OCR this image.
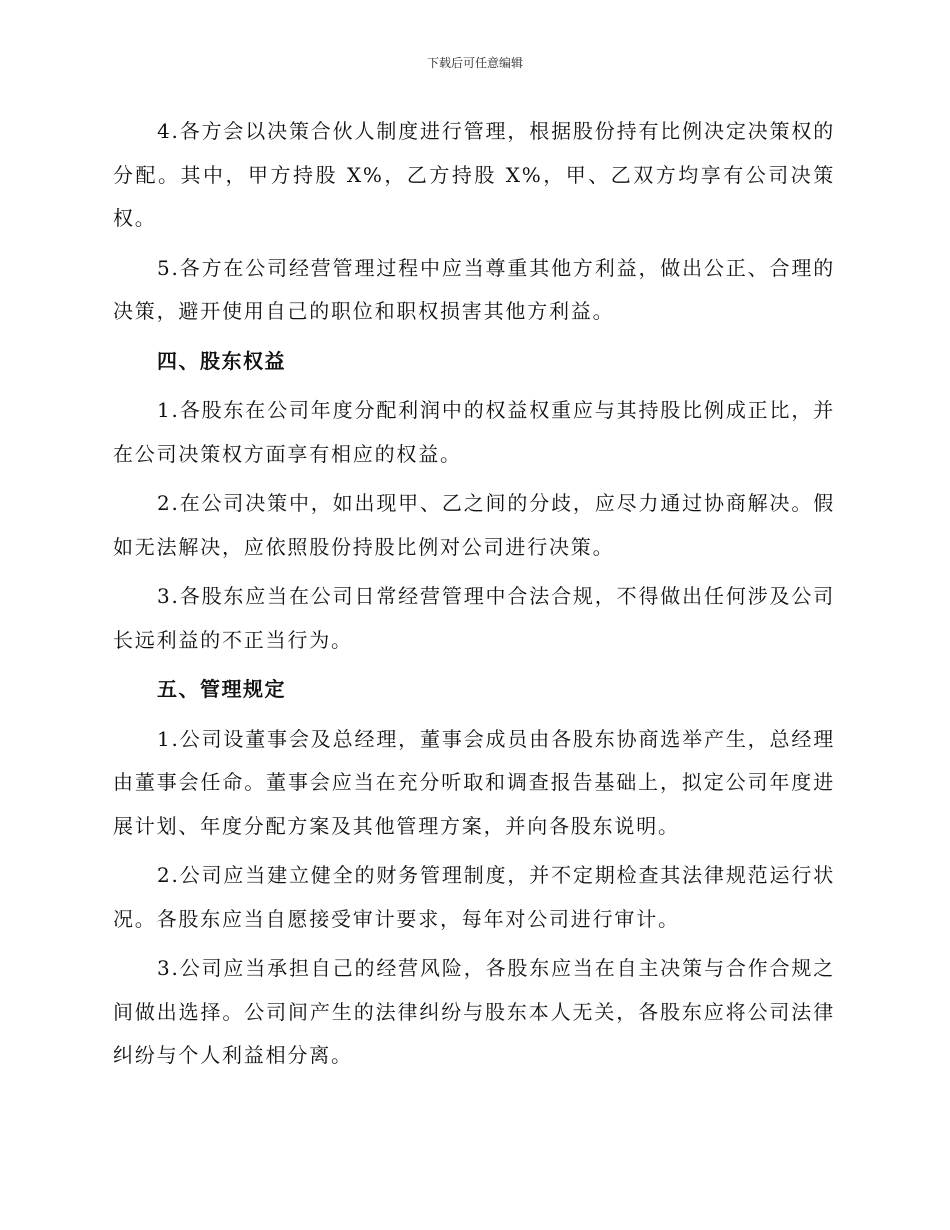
下载后可任意编辑

4.各方会以决策合伙人制度进行管理，根据股份持有比例决定决策权的分配。其中，甲方持股 X%，乙方持股 X%，甲、乙双方均享有公司决策权。

5.各方在公司经营管理过程中应当尊重其他方利益，做出公正、合理的决策，避开使用自己的职位和职权损害其他方利益。

四、股东权益

1.各股东在公司年度分配利润中的权益权重应与其持股比例成正比，并在公司决策权方面享有相应的权益。

2.在公司决策中，如出现甲、乙之间的分歧，应尽力通过协商解决。假如无法解决，应依照股份持股比例对公司进行决策。

3.各股东应当在公司日常经营管理中合法合规，不得做出任何涉及公司长远利益的不正当行为。

五、管理规定

1.公司设董事会及总经理，董事会成员由各股东协商选举产生，总经理由董事会任命。董事会应当在充分听取和调查报告基础上，拟定公司年度进展计划、年度分配方案及其他管理方案，并向各股东说明。

2.公司应当建立健全的财务管理制度，并不定期检查其法律规范运行状况。各股东应当自愿接受审计要求，每年对公司进行审计。

3.公司应当承担自己的经营风险，各股东应当在自主决策与合作合规之间做出选择。公司间产生的法律纠纷与股东本人无关，各股东应将公司法律纠纷与个人利益相分离。
